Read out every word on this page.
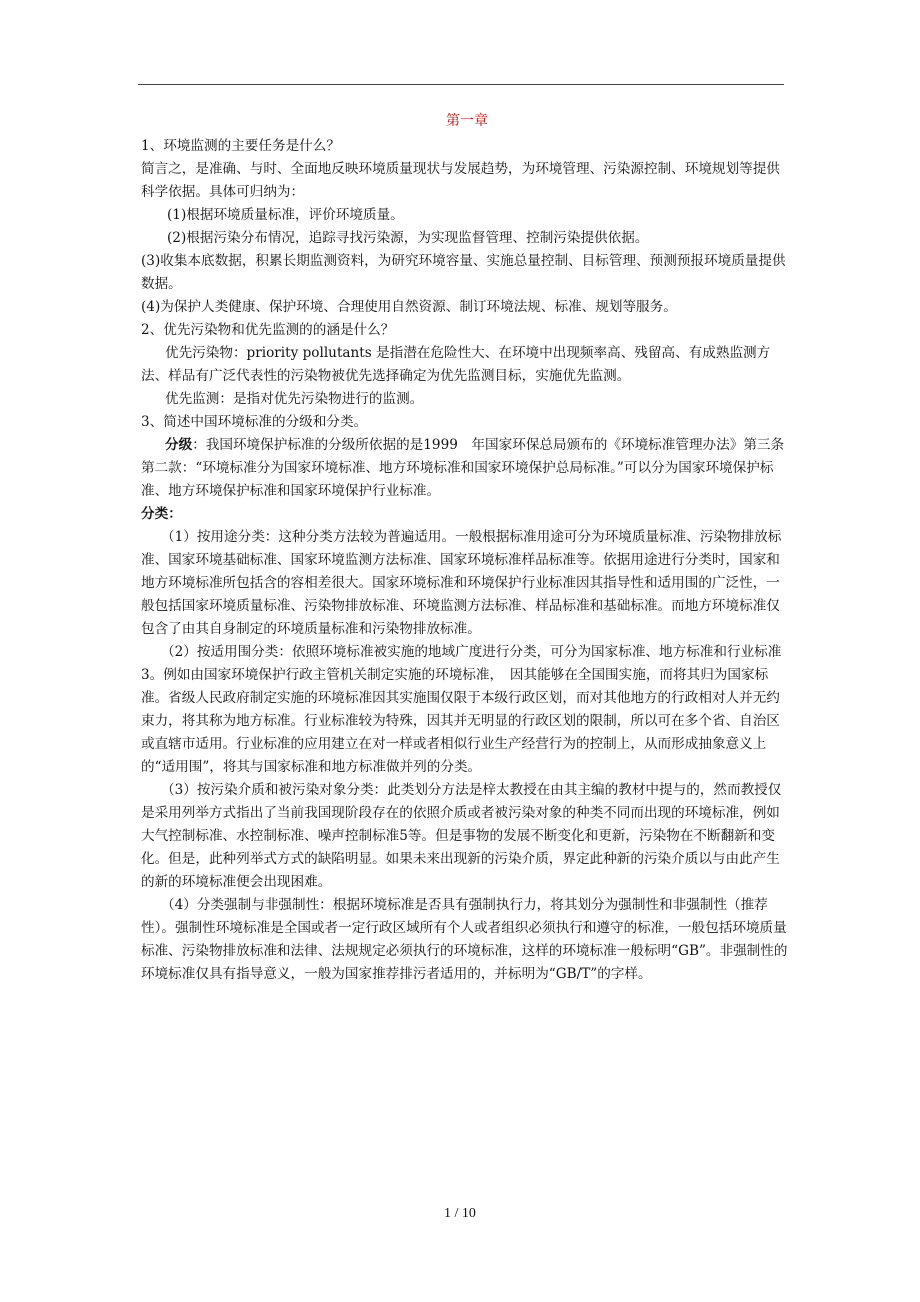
第一章

1、环境监测的主要任务是什么？

简言之，是准确、与时、全面地反映环境质量现状与发展趋势，为环境管理、污染源控制、环境规划等提供科学依据。具体可归纳为：

(1)根据环境质量标准，评价环境质量。

(2)根据污染分布情况，追踪寻找污染源，为实现监督管理、控制污染提供依据。

(3)收集本底数据，积累长期监测资料，为研究环境容量、实施总量控制、目标管理、预测预报环境质量提供数据。

(4)为保护人类健康、保护环境、合理使用自然资源、制订环境法规、标准、规划等服务。

2、优先污染物和优先监测的的涵是什么？

优先污染物：priority pollutants 是指潜在危险性大、在环境中出现频率高、残留高、有成熟监测方法、样品有广泛代表性的污染物被优先选择确定为优先监测目标，实施优先监测。

优先监测：是指对优先污染物进行的监测。

3、简述中国环境标准的分级和分类。

分级：我国环境保护标准的分级所依据的是1999　年国家环保总局颁布的《环境标准管理办法》第三条第二款：“环境标准分为国家环境标准、地方环境标准和国家环境保护总局标准。”可以分为国家环境保护标准、地方环境保护标准和国家环境保护行业标准。

分类：

（1）按用途分类：这种分类方法较为普遍适用。一般根据标准用途可分为环境质量标准、污染物排放标准、国家环境基础标准、国家环境监测方法标准、国家环境标准样品标准等。依据用途进行分类时，国家和地方环境标准所包括含的容相差很大。国家环境标准和环境保护行业标准因其指导性和适用围的广泛性，一般包括国家环境质量标准、污染物排放标准、环境监测方法标准、样品标准和基础标准。而地方环境标准仅包含了由其自身制定的环境质量标准和污染物排放标准。

（2）按适用围分类：依照环境标准被实施的地域广度进行分类，可分为国家标准、地方标准和行业标准3。例如由国家环境保护行政主管机关制定实施的环境标准，　因其能够在全国围实施，而将其归为国家标准。省级人民政府制定实施的环境标准因其实施围仅限于本级行政区划，而对其他地方的行政相对人并无约束力，将其称为地方标准。行业标准较为特殊，因其并无明显的行政区划的限制，所以可在多个省、自治区或直辖市适用。行业标准的应用建立在对一样或者相似行业生产经营行为的控制上，从而形成抽象意义上的“适用围”，将其与国家标准和地方标准做并列的分类。

（3）按污染介质和被污染对象分类：此类划分方法是梓太教授在由其主编的教材中提与的，然而教授仅是采用列举方式指出了当前我国现阶段存在的依照介质或者被污染对象的种类不同而出现的环境标准，例如大气控制标准、水控制标准、噪声控制标准5等。但是事物的发展不断变化和更新，污染物在不断翻新和变化。但是，此种列举式方式的缺陷明显。如果未来出现新的污染介质，界定此种新的污染介质以与由此产生的新的环境标准便会出现困难。

（4）分类强制与非强制性：根据环境标准是否具有强制执行力，将其划分为强制性和非强制性（推荐性）。强制性环境标准是全国或者一定行政区域所有个人或者组织必须执行和遵守的标准，一般包括环境质量标准、污染物排放标准和法律、法规规定必须执行的环境标准，这样的环境标准一般标明“GB”。非强制性的环境标准仅具有指导意义，一般为国家推荐排污者适用的，并标明为“GB/T”的字样。

1 / 10
